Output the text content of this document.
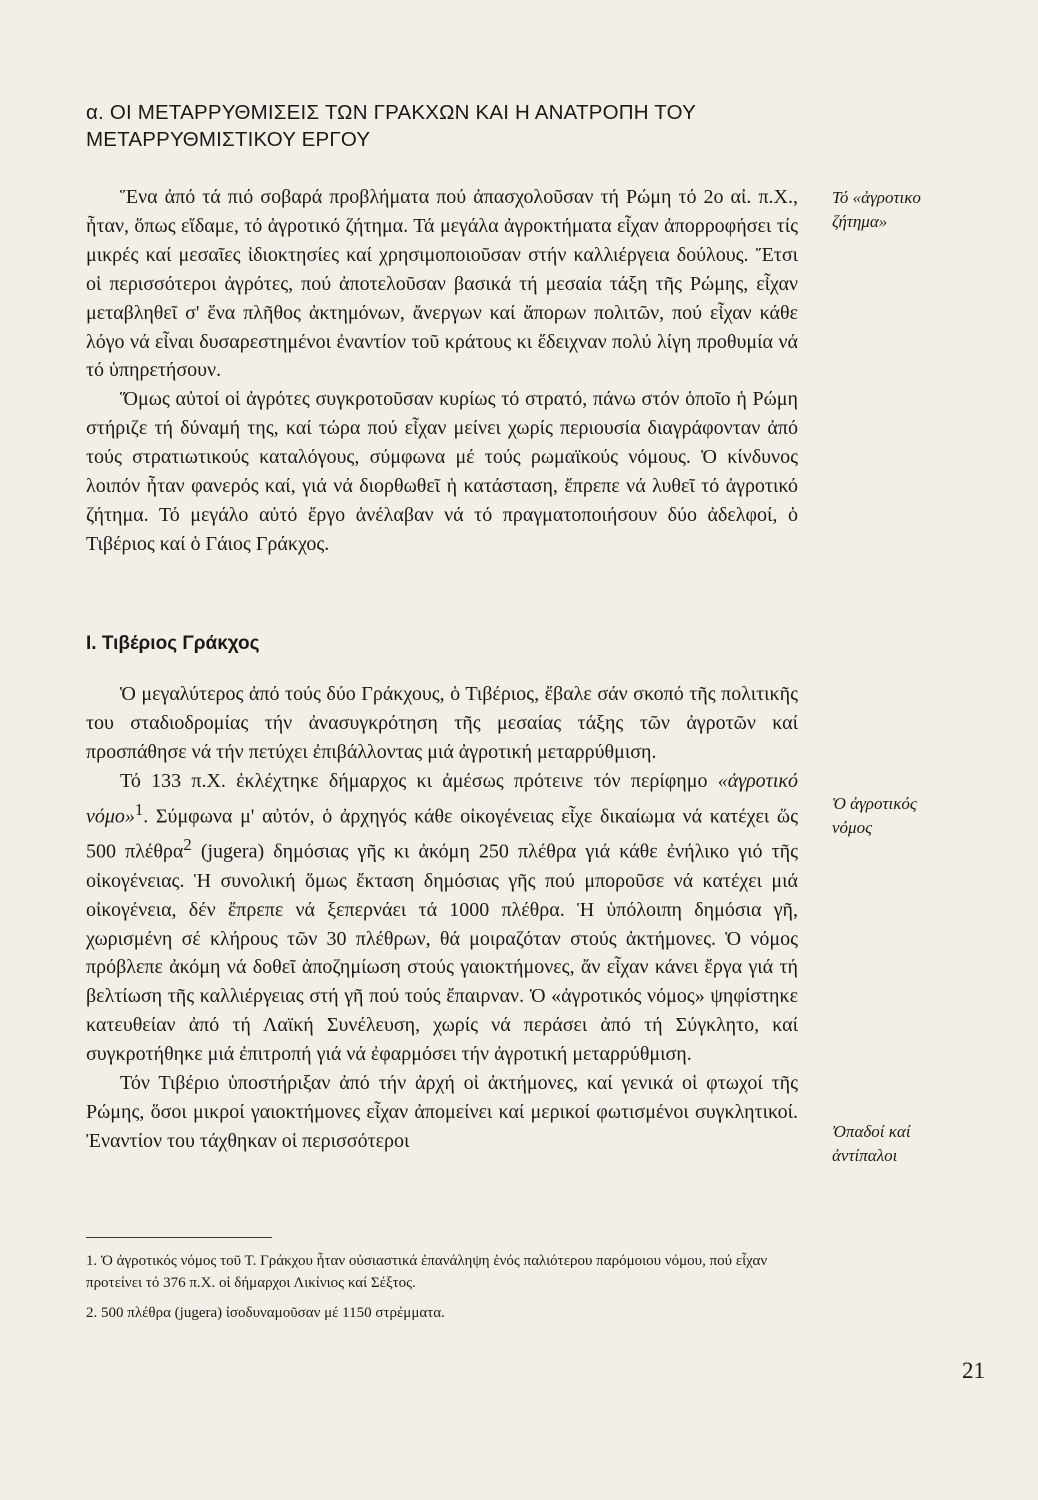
α. ΟΙ ΜΕΤΑΡΡΥΘΜΙΣΕΙΣ ΤΩΝ ΓΡΑΚΧΩΝ ΚΑΙ Η ΑΝΑΤΡΟΠΗ ΤΟΥ ΜΕΤΑΡΡΥΘΜΙΣΤΙΚΟΥ ΕΡΓΟΥ

Ἕνα ἀπό τά πιό σοβαρά προβλήματα πού ἀπασχολοῦσαν τή Ρώμη τό 2ο αἰ. π.Χ., ἦταν, ὅπως εἴδαμε, τό ἀγροτικό ζήτημα. Τά μεγάλα ἀγροκτήματα εἶχαν ἀπορροφήσει τίς μικρές καί μεσαῖες ἰδιοκτησίες καί χρησιμοποιοῦσαν στήν καλλιέργεια δούλους. Ἔτσι οἱ περισσότεροι ἀγρότες, πού ἀποτελοῦσαν βασικά τή μεσαία τάξη τῆς Ρώμης, εἶχαν μεταβληθεῖ σ' ἕνα πλῆθος ἀκτημόνων, ἄνεργων καί ἄπορων πολιτῶν, πού εἶχαν κάθε λόγο νά εἶναι δυσαρεστημένοι ἐναντίον τοῦ κράτους κι ἔδειχναν πολύ λίγη προθυμία νά τό ὑπηρετήσουν.

Ὅμως αὐτοί οἱ ἀγρότες συγκροτοῦσαν κυρίως τό στρατό, πάνω στόν ὁποῖο ἡ Ρώμη στήριζε τή δύναμή της, καί τώρα πού εἶχαν μείνει χωρίς περιουσία διαγράφονταν ἀπό τούς στρατιωτικούς καταλόγους, σύμφωνα μέ τούς ρωμαϊκούς νόμους. Ὁ κίνδυνος λοιπόν ἦταν φανερός καί, γιά νά διορθωθεῖ ἡ κατάσταση, ἔπρεπε νά λυθεῖ τό ἀγροτικό ζήτημα. Τό μεγάλο αὐτό ἔργο ἀνέλαβαν νά τό πραγματοποιήσουν δύο ἀδελφοί, ὁ Τιβέριος καί ὁ Γάιος Γράκχος.

Τό «ἀγροτικο
ζήτημα»
Ι. Τιβέριος Γράκχος

Ὁ μεγαλύτερος ἀπό τούς δύο Γράκχους, ὁ Τιβέριος, ἔβαλε σάν σκοπό τῆς πολιτικῆς του σταδιοδρομίας τήν ἀνασυγκρότηση τῆς μεσαίας τάξης τῶν ἀγροτῶν καί προσπάθησε νά τήν πετύχει ἐπιβάλλοντας μιά ἀγροτική μεταρρύθμιση.

Τό 133 π.Χ. ἐκλέχτηκε δήμαρχος κι ἀμέσως πρότεινε τόν περίφημο «ἀγροτικό νόμο»$^1$. Σύμφωνα μ' αὐτόν, ὁ ἀρχηγός κάθε οἰκογένειας εἶχε δικαίωμα νά κατέχει ὥς 500 πλέθρα$^2$ (jugera) δημόσιας γῆς κι ἀκόμη 250 πλέθρα γιά κάθε ἐνήλικο γιό τῆς οἰκογένειας. Ἡ συνολική ὅμως ἔκταση δημόσιας γῆς πού μποροῦσε νά κατέχει μιά οἰκογένεια, δέν ἔπρεπε νά ξεπερνάει τά 1000 πλέθρα. Ἡ ὑπόλοιπη δημόσια γῆ, χωρισμένη σέ κλήρους τῶν 30 πλέθρων, θά μοιραζόταν στούς ἀκτήμονες. Ὁ νόμος πρόβλεπε ἀκόμη νά δοθεῖ ἀποζημίωση στούς γαιοκτήμονες, ἄν εἶχαν κάνει ἔργα γιά τή βελτίωση τῆς καλλιέργειας στή γῆ πού τούς ἔπαιρναν. Ὁ «ἀγροτικός νόμος» ψηφίστηκε κατευθείαν ἀπό τή Λαϊκή Συνέλευση, χωρίς νά περάσει ἀπό τή Σύγκλητο, καί συγκροτήθηκε μιά ἐπιτροπή γιά νά ἐφαρμόσει τήν ἀγροτική μεταρρύθμιση.

Τόν Τιβέριο ὑποστήριξαν ἀπό τήν ἀρχή οἱ ἀκτήμονες, καί γενικά οἱ φτωχοί τῆς Ρώμης, ὅσοι μικροί γαιοκτήμονες εἶχαν ἀπομείνει καί μερικοί φωτισμένοι συγκλητικοί. Ἐναντίον του τάχθηκαν οἱ περισσότεροι

Ὁ ἀγροτικός
νόμος
Ὀπαδοί καί
ἀντίπαλοι
1. Ὁ ἀγροτικός νόμος τοῦ Τ. Γράκχου ἦταν οὐσιαστικά ἐπανάληψη ἑνός παλιότερου παρόμοιου νόμου, πού εἶχαν προτείνει τό 376 π.Χ. οἱ δήμαρχοι Λικίνιος καί Σέξτος.
2. 500 πλέθρα (jugera) ἰσοδυναμοῦσαν μέ 1150 στρέμματα.
21
